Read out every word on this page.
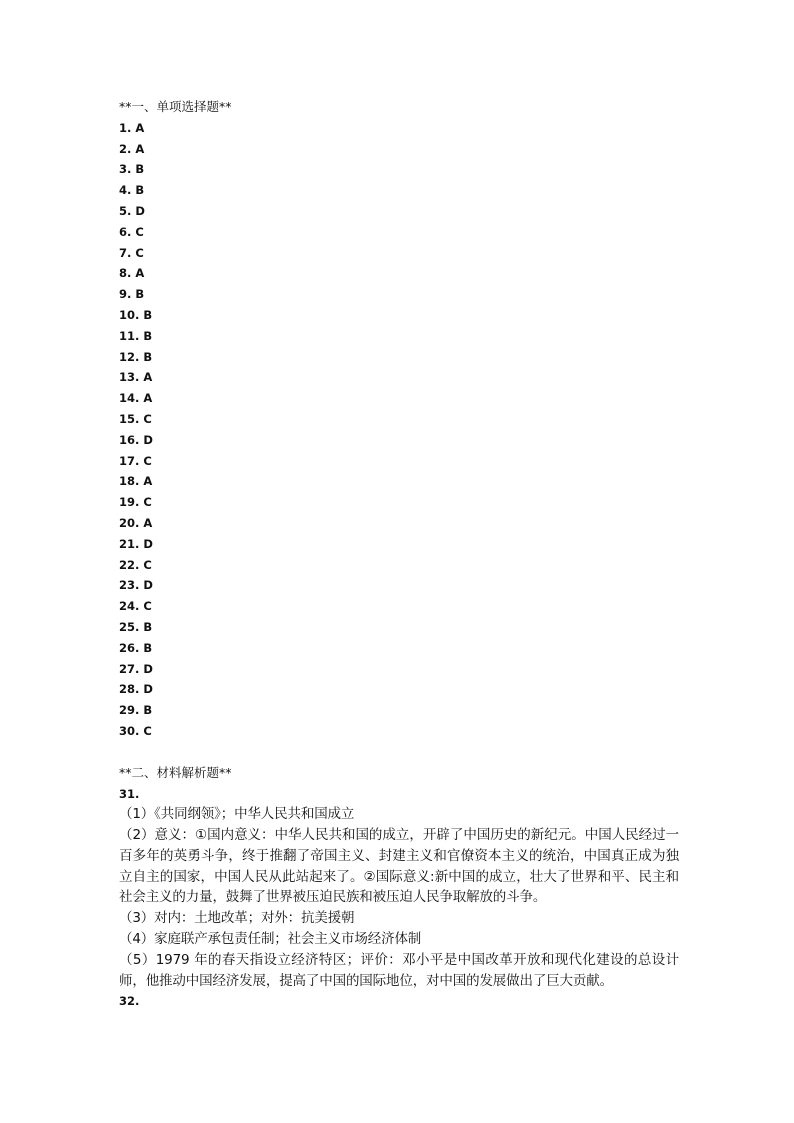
**一、单项选择题**
1. A
2. A
3. B
4. B
5. D
6. C
7. C
8. A
9. B
10. B
11. B
12. B
13. A
14. A
15. C
16. D
17. C
18. A
19. C
20. A
21. D
22. C
23. D
24. C
25. B
26. B
27. D
28. D
29. B
30. C
**二、材料解析题**
31.

（1）《共同纲领》；中华人民共和国成立

（2）意义：①国内意义：中华人民共和国的成立，开辟了中国历史的新纪元。中国人民经过一百多年的英勇斗争，终于推翻了帝国主义、封建主义和官僚资本主义的统治，中国真正成为独立自主的国家，中国人民从此站起来了。②国际意义:新中国的成立，壮大了世界和平、民主和社会主义的力量，鼓舞了世界被压迫民族和被压迫人民争取解放的斗争。

（3）对内：土地改革；对外：抗美援朝

（4）家庭联产承包责任制；社会主义市场经济体制

（5）1979 年的春天指设立经济特区；评价：邓小平是中国改革开放和现代化建设的总设计师，他推动中国经济发展，提高了中国的国际地位，对中国的发展做出了巨大贡献。

32.
